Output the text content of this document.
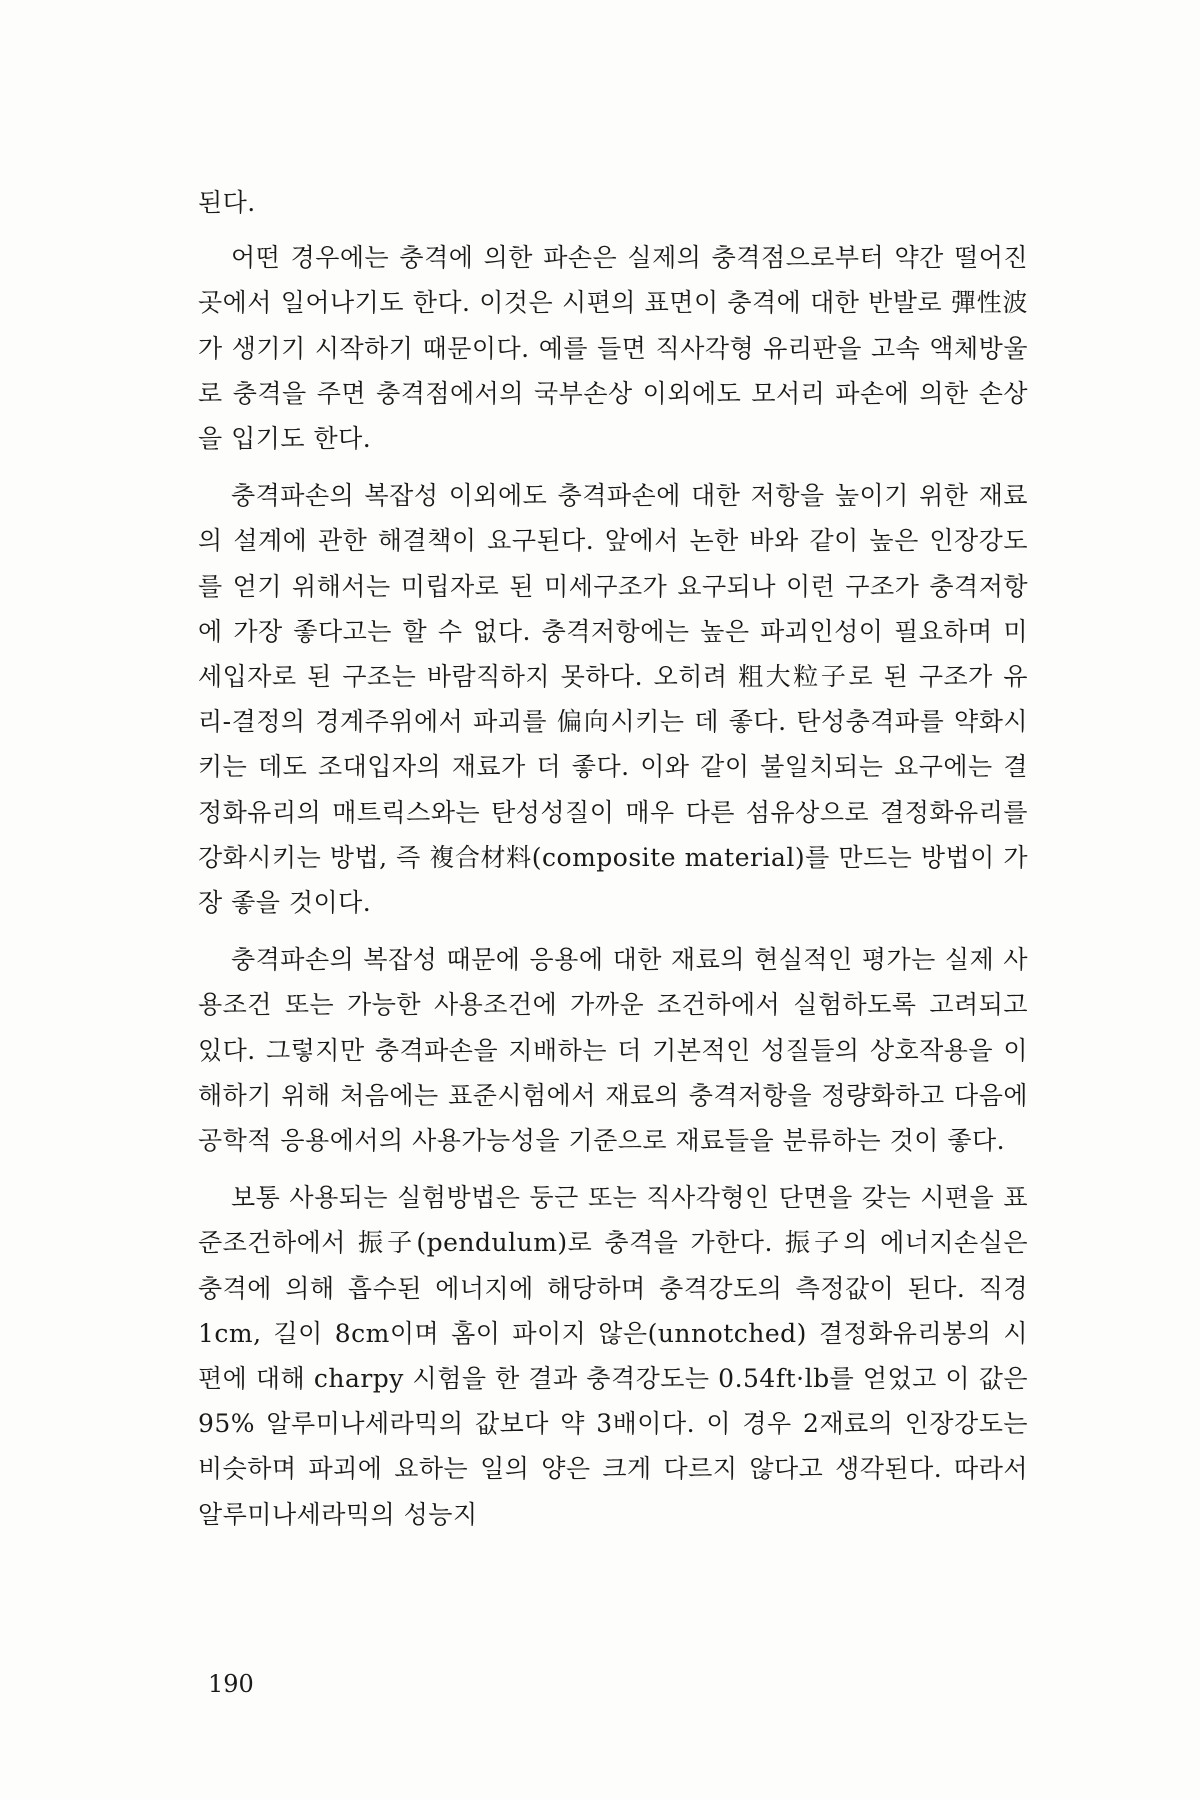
된다.

어떤 경우에는 충격에 의한 파손은 실제의 충격점으로부터 약간 떨어진 곳에서 일어나기도 한다. 이것은 시편의 표면이 충격에 대한 반발로 彈性波가 생기기 시작하기 때문이다. 예를 들면 직사각형 유리판을 고속 액체방울로 충격을 주면 충격점에서의 국부손상 이외에도 모서리 파손에 의한 손상을 입기도 한다.

충격파손의 복잡성 이외에도 충격파손에 대한 저항을 높이기 위한 재료의 설계에 관한 해결책이 요구된다. 앞에서 논한 바와 같이 높은 인장강도를 얻기 위해서는 미립자로 된 미세구조가 요구되나 이런 구조가 충격저항에 가장 좋다고는 할 수 없다. 충격저항에는 높은 파괴인성이 필요하며 미세입자로 된 구조는 바람직하지 못하다. 오히려 粗大粒子로 된 구조가 유리-결정의 경계주위에서 파괴를 偏向시키는 데 좋다. 탄성충격파를 약화시키는 데도 조대입자의 재료가 더 좋다. 이와 같이 불일치되는 요구에는 결정화유리의 매트릭스와는 탄성성질이 매우 다른 섬유상으로 결정화유리를 강화시키는 방법, 즉 複合材料(composite material)를 만드는 방법이 가장 좋을 것이다.

충격파손의 복잡성 때문에 응용에 대한 재료의 현실적인 평가는 실제 사용조건 또는 가능한 사용조건에 가까운 조건하에서 실험하도록 고려되고 있다. 그렇지만 충격파손을 지배하는 더 기본적인 성질들의 상호작용을 이해하기 위해 처음에는 표준시험에서 재료의 충격저항을 정량화하고 다음에 공학적 응용에서의 사용가능성을 기준으로 재료들을 분류하는 것이 좋다.

보통 사용되는 실험방법은 둥근 또는 직사각형인 단면을 갖는 시편을 표준조건하에서 振子(pendulum)로 충격을 가한다. 振子의 에너지손실은 충격에 의해 흡수된 에너지에 해당하며 충격강도의 측정값이 된다. 직경 1cm, 길이 8cm이며 홈이 파이지 않은(unnotched) 결정화유리봉의 시편에 대해 charpy 시험을 한 결과 충격강도는 0.54ft·lb를 얻었고 이 값은 95% 알루미나세라믹의 값보다 약 3배이다. 이 경우 2재료의 인장강도는 비슷하며 파괴에 요하는 일의 양은 크게 다르지 않다고 생각된다. 따라서 알루미나세라믹의 성능지

190
